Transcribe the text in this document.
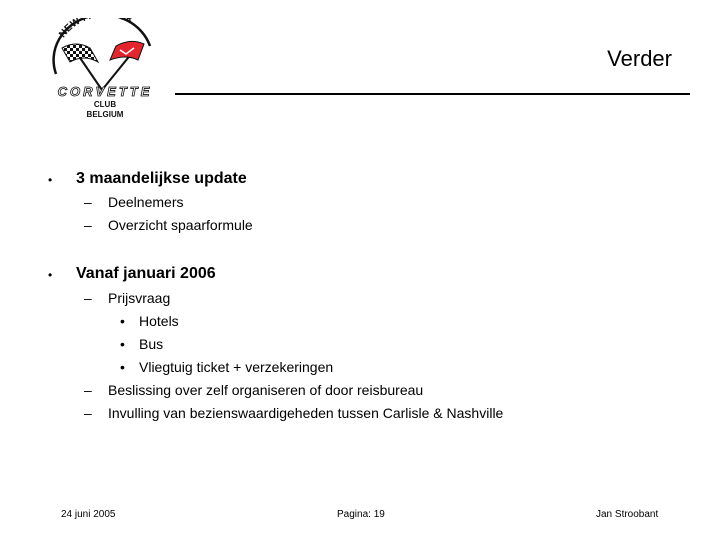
NEW P K
CORVETTE
CLUB
BELGIUM
Verder
• 3 maandelijkse update
– Deelnemers
– Overzicht spaarformule
• Vanaf januari 2006
– Prijsvraag
• Hotels
• Bus
• Vliegtuig ticket + verzekeringen
– Beslissing over zelf organiseren of door reisbureau
– Invulling van bezienswaardigeheden tussen Carlisle & Nashville
24 juni 2005	Pagina: 19	Jan Stroobant
